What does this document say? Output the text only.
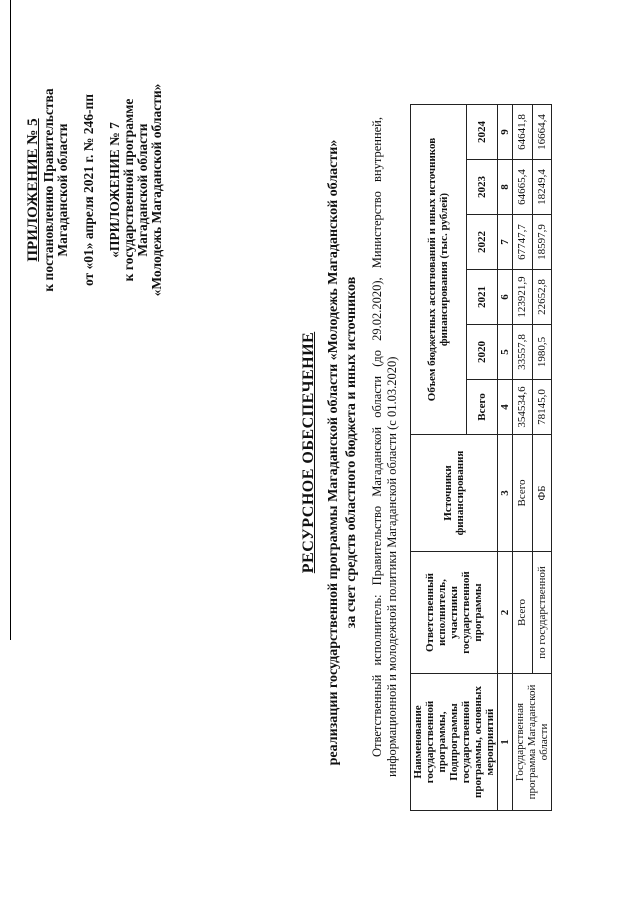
ПРИЛОЖЕНИЕ № 5 к постановлению Правительства Магаданской области от «01» апреля 2021 г. № 246-пп «ПРИЛОЖЕНИЕ № 7 к государственной программе Магаданской области «Молодежь Магаданской области»
РЕСУРСНОЕ ОБЕСПЕЧЕНИЕ реализации государственной программы Магаданской области «Молодежь Магаданской области» за счет средств областного бюджета и иных источников Ответственный исполнитель: Правительство Магаданской области (до 29.02.2020), Министерство внутренней, информационной и молодежной политики Магаданской области (с 01.03.2020) Наименование государственной программы, Подпрограммы государственной программы, основных мероприятий	Ответственный исполнитель, участники государственной программы	Источники финансирования	Объем бюджетных ассигнований и иных источников финансирования (тыс. рублей)					
			Всего	2020	2021	2022	2023	2024
1	2	3	4	5	6	7	8	9
Государственная программа Магаданской области	Всего	Всего	354534,6	33557,8	123921,9	67747,7	64665,4	64641,8
	по государственной	ФБ	78145,0	1980,5	22652,8	18597,9	18249,4	16664,4
